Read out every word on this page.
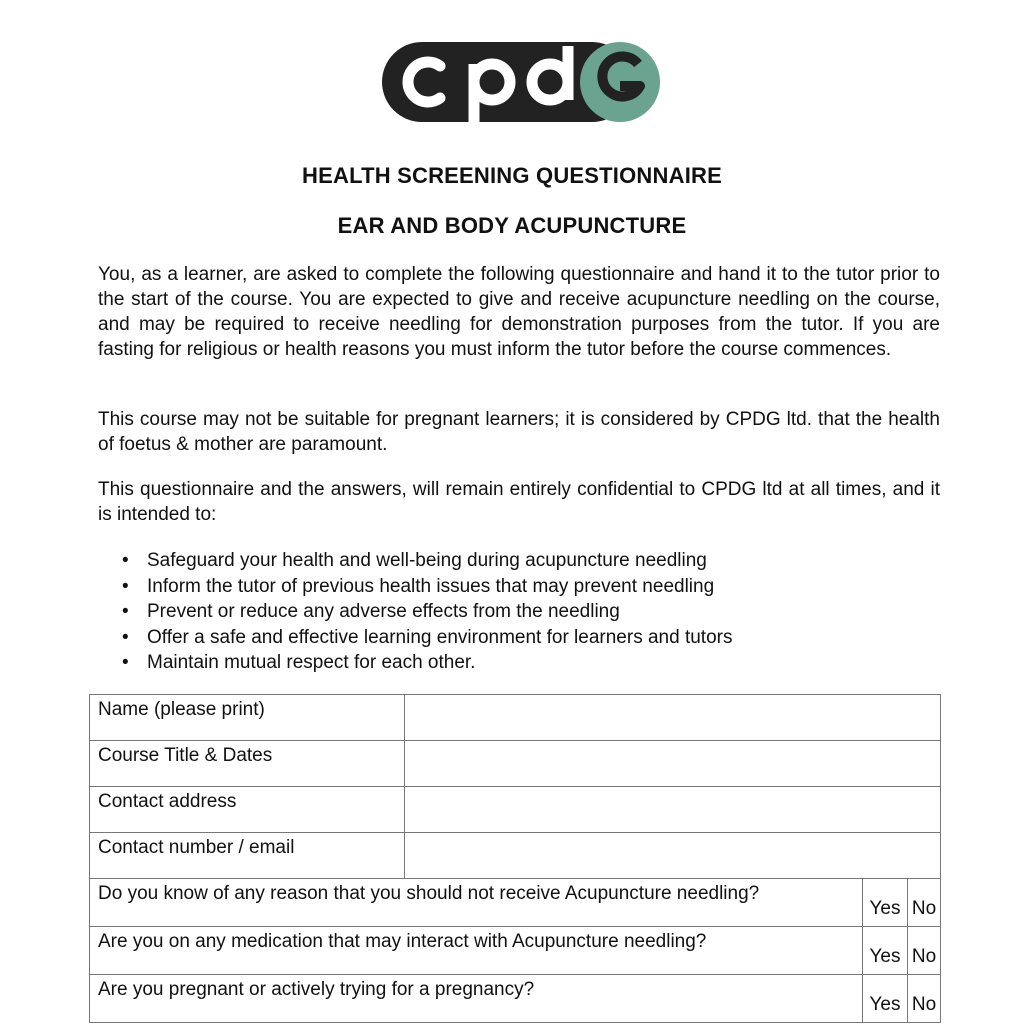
HEALTH SCREENING QUESTIONNAIRE
EAR AND BODY ACUPUNCTURE

You, as a learner, are asked to complete the following questionnaire and hand it to the tutor prior to the start of the course. You are expected to give and receive acupuncture needling on the course, and may be required to receive needling for demonstration purposes from the tutor. If you are fasting for religious or health reasons you must inform the tutor before the course commences.

This course may not be suitable for pregnant learners; it is considered by CPDG ltd. that the health of foetus & mother are paramount.

This questionnaire and the answers, will remain entirely confidential to CPDG ltd at all times, and it is intended to:

• Safeguard your health and well-being during acupuncture needling
• Inform the tutor of previous health issues that may prevent needling
• Prevent or reduce any adverse effects from the needling
• Offer a safe and effective learning environment for learners and tutors
• Maintain mutual respect for each other.
Name (please print)	
Course Title & Dates	
Contact address	
Contact number / email	
Do you know of any reason that you should not receive Acupuncture needling?	Yes	No
Are you on any medication that may interact with Acupuncture needling?	Yes	No
Are you pregnant or actively trying for a pregnancy?	Yes	No
